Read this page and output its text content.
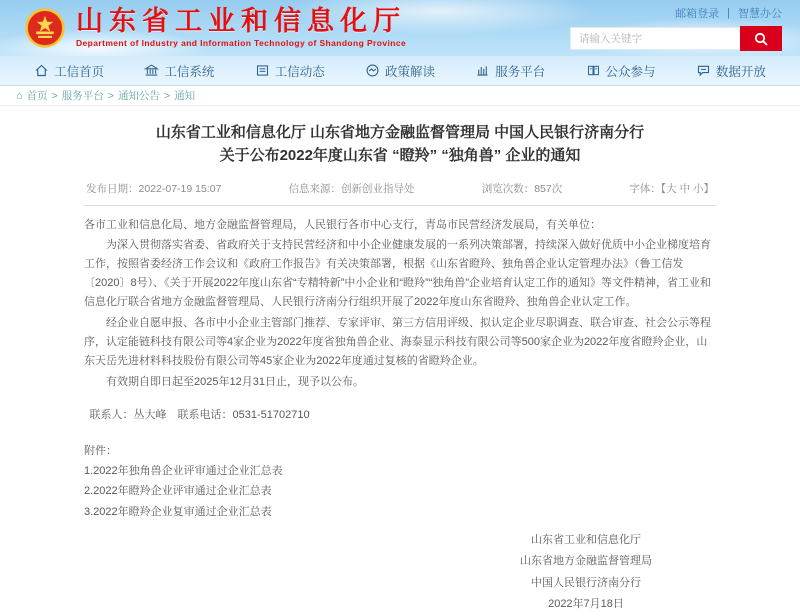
山东省工业和信息化厅
Department of Industry and Information Technology of Shandong Province
邮箱登录 | 智慧办公
请输入关键字
工信首页	工信系统	工信动态	政策解读	服务平台	公众参与	数据开放
⌂ 首页 > 服务平台 > 通知公告 > 通知
山东省工业和信息化厅 山东省地方金融监督管理局 中国人民银行济南分行
关于公布2022年度山东省 “瞪羚” “独角兽” 企业的通知
发布日期：2022-07-19 15:07	信息来源：创新创业指导处	浏览次数：857次	字体：【大 中 小】

各市工业和信息化局、地方金融监督管理局，人民银行各市中心支行，青岛市民营经济发展局，有关单位：

为深入贯彻落实省委、省政府关于支持民营经济和中小企业健康发展的一系列决策部署，持续深入做好优质中小企业梯度培育工作，按照省委经济工作会议和《政府工作报告》有关决策部署，根据《山东省瞪羚、独角兽企业认定管理办法》（鲁工信发〔2020〕8号）、《关于开展2022年度山东省“专精特新”中小企业和“瞪羚”“独角兽”企业培育认定工作的通知》等文件精神，省工业和信息化厅联合省地方金融监督管理局、人民银行济南分行组织开展了2022年度山东省瞪羚、独角兽企业认定工作。

经企业自愿申报、各市中小企业主管部门推荐、专家评审、第三方信用评级、拟认定企业尽职调查、联合审查、社会公示等程序，认定能链科技有限公司等4家企业为2022年度省独角兽企业、海泰显示科技有限公司等500家企业为2022年度省瞪羚企业，山东天岳先进材料科技股份有限公司等45家企业为2022年度通过复核的省瞪羚企业。

有效期自即日起至2025年12月31日止，现予以公布。

联系人：丛大峰　联系电话：0531-51702710

附件：
1.2022年独角兽企业评审通过企业汇总表
2.2022年瞪羚企业评审通过企业汇总表
3.2022年瞪羚企业复审通过企业汇总表
山东省工业和信息化厅
山东省地方金融监督管理局
中国人民银行济南分行
2022年7月18日
